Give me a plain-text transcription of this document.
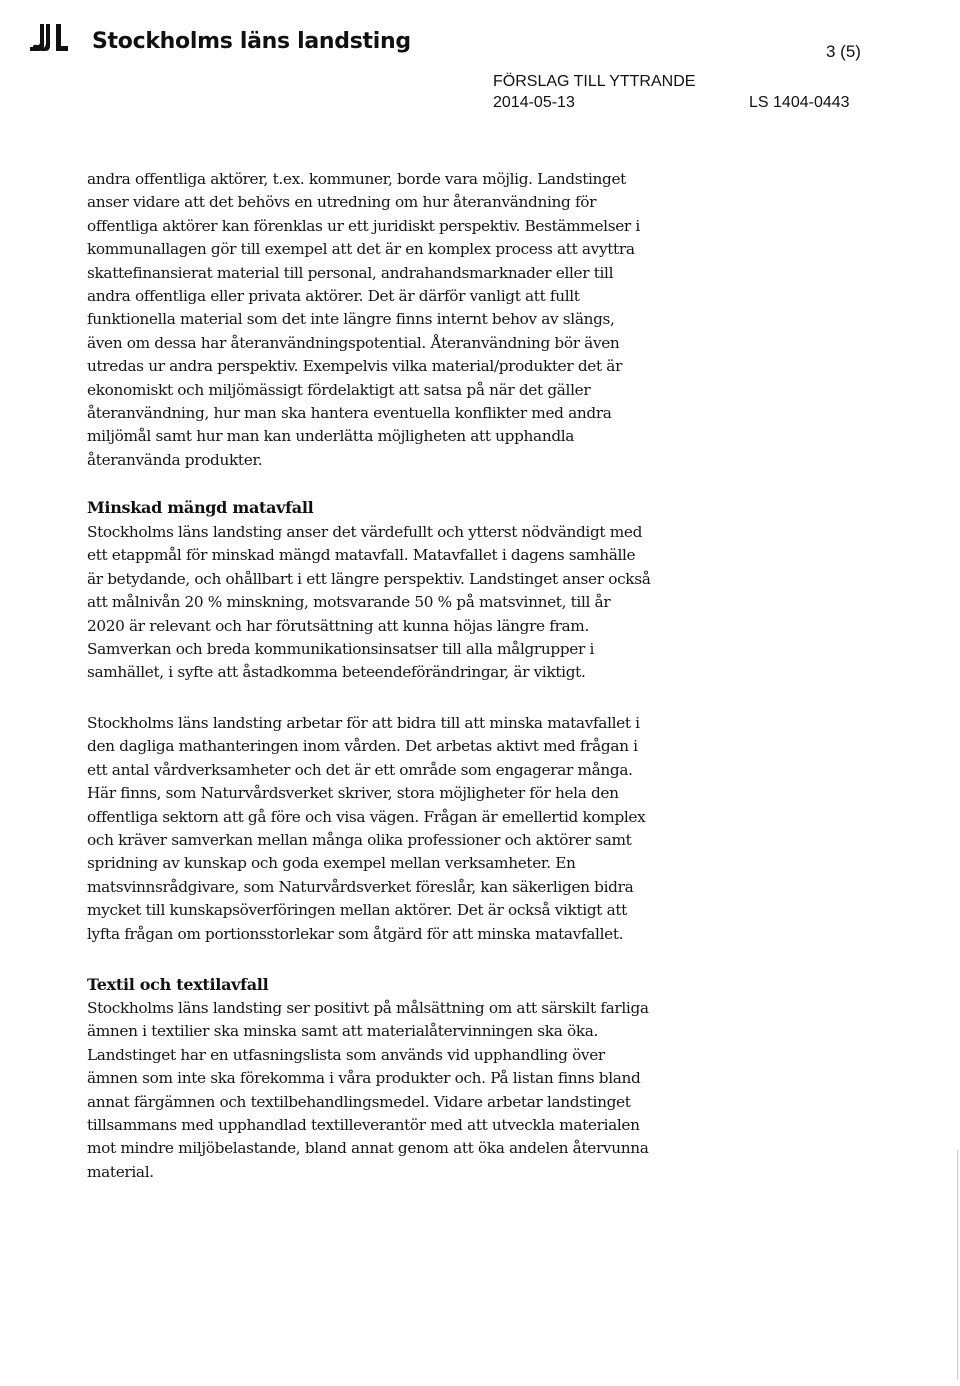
Stockholms läns landsting	3 (5)
FÖRSLAG TILL YTTRANDE
2014-05-13	LS 1404-0443

andra offentliga aktörer, t.ex. kommuner, borde vara möjlig. Landstinget
anser vidare att det behövs en utredning om hur återanvändning för
offentliga aktörer kan förenklas ur ett juridiskt perspektiv. Bestämmelser i
kommunallagen gör till exempel att det är en komplex process att avyttra
skattefinansierat material till personal, andrahandsmarknader eller till
andra offentliga eller privata aktörer. Det är därför vanligt att fullt
funktionella material som det inte längre finns internt behov av slängs,
även om dessa har återanvändningspotential. Återanvändning bör även
utredas ur andra perspektiv. Exempelvis vilka material/produkter det är
ekonomiskt och miljömässigt fördelaktigt att satsa på när det gäller
återanvändning, hur man ska hantera eventuella konflikter med andra
miljömål samt hur man kan underlätta möjligheten att upphandla
återanvända produkter.

Minskad mängd matavfall

Stockholms läns landsting anser det värdefullt och ytterst nödvändigt med
ett etappmål för minskad mängd matavfall. Matavfallet i dagens samhälle
är betydande, och ohållbart i ett längre perspektiv. Landstinget anser också
att målnivån 20 % minskning, motsvarande 50 % på matsvinnet, till år
2020 är relevant och har förutsättning att kunna höjas längre fram.
Samverkan och breda kommunikationsinsatser till alla målgrupper i
samhället, i syfte att åstadkomma beteendeförändringar, är viktigt.

Stockholms läns landsting arbetar för att bidra till att minska matavfallet i
den dagliga mathanteringen inom vården. Det arbetas aktivt med frågan i
ett antal vårdverksamheter och det är ett område som engagerar många.
Här finns, som Naturvårdsverket skriver, stora möjligheter för hela den
offentliga sektorn att gå före och visa vägen. Frågan är emellertid komplex
och kräver samverkan mellan många olika professioner och aktörer samt
spridning av kunskap och goda exempel mellan verksamheter. En
matsvinnsrådgivare, som Naturvårdsverket föreslår, kan säkerligen bidra
mycket till kunskapsöverföringen mellan aktörer. Det är också viktigt att
lyfta frågan om portionsstorlekar som åtgärd för att minska matavfallet.

Textil och textilavfall

Stockholms läns landsting ser positivt på målsättning om att särskilt farliga
ämnen i textilier ska minska samt att materialåtervinningen ska öka.
Landstinget har en utfasningslista som används vid upphandling över
ämnen som inte ska förekomma i våra produkter och. På listan finns bland
annat färgämnen och textilbehandlingsmedel. Vidare arbetar landstinget
tillsammans med upphandlad textilleverantör med att utveckla materialen
mot mindre miljöbelastande, bland annat genom att öka andelen återvunna
material.
